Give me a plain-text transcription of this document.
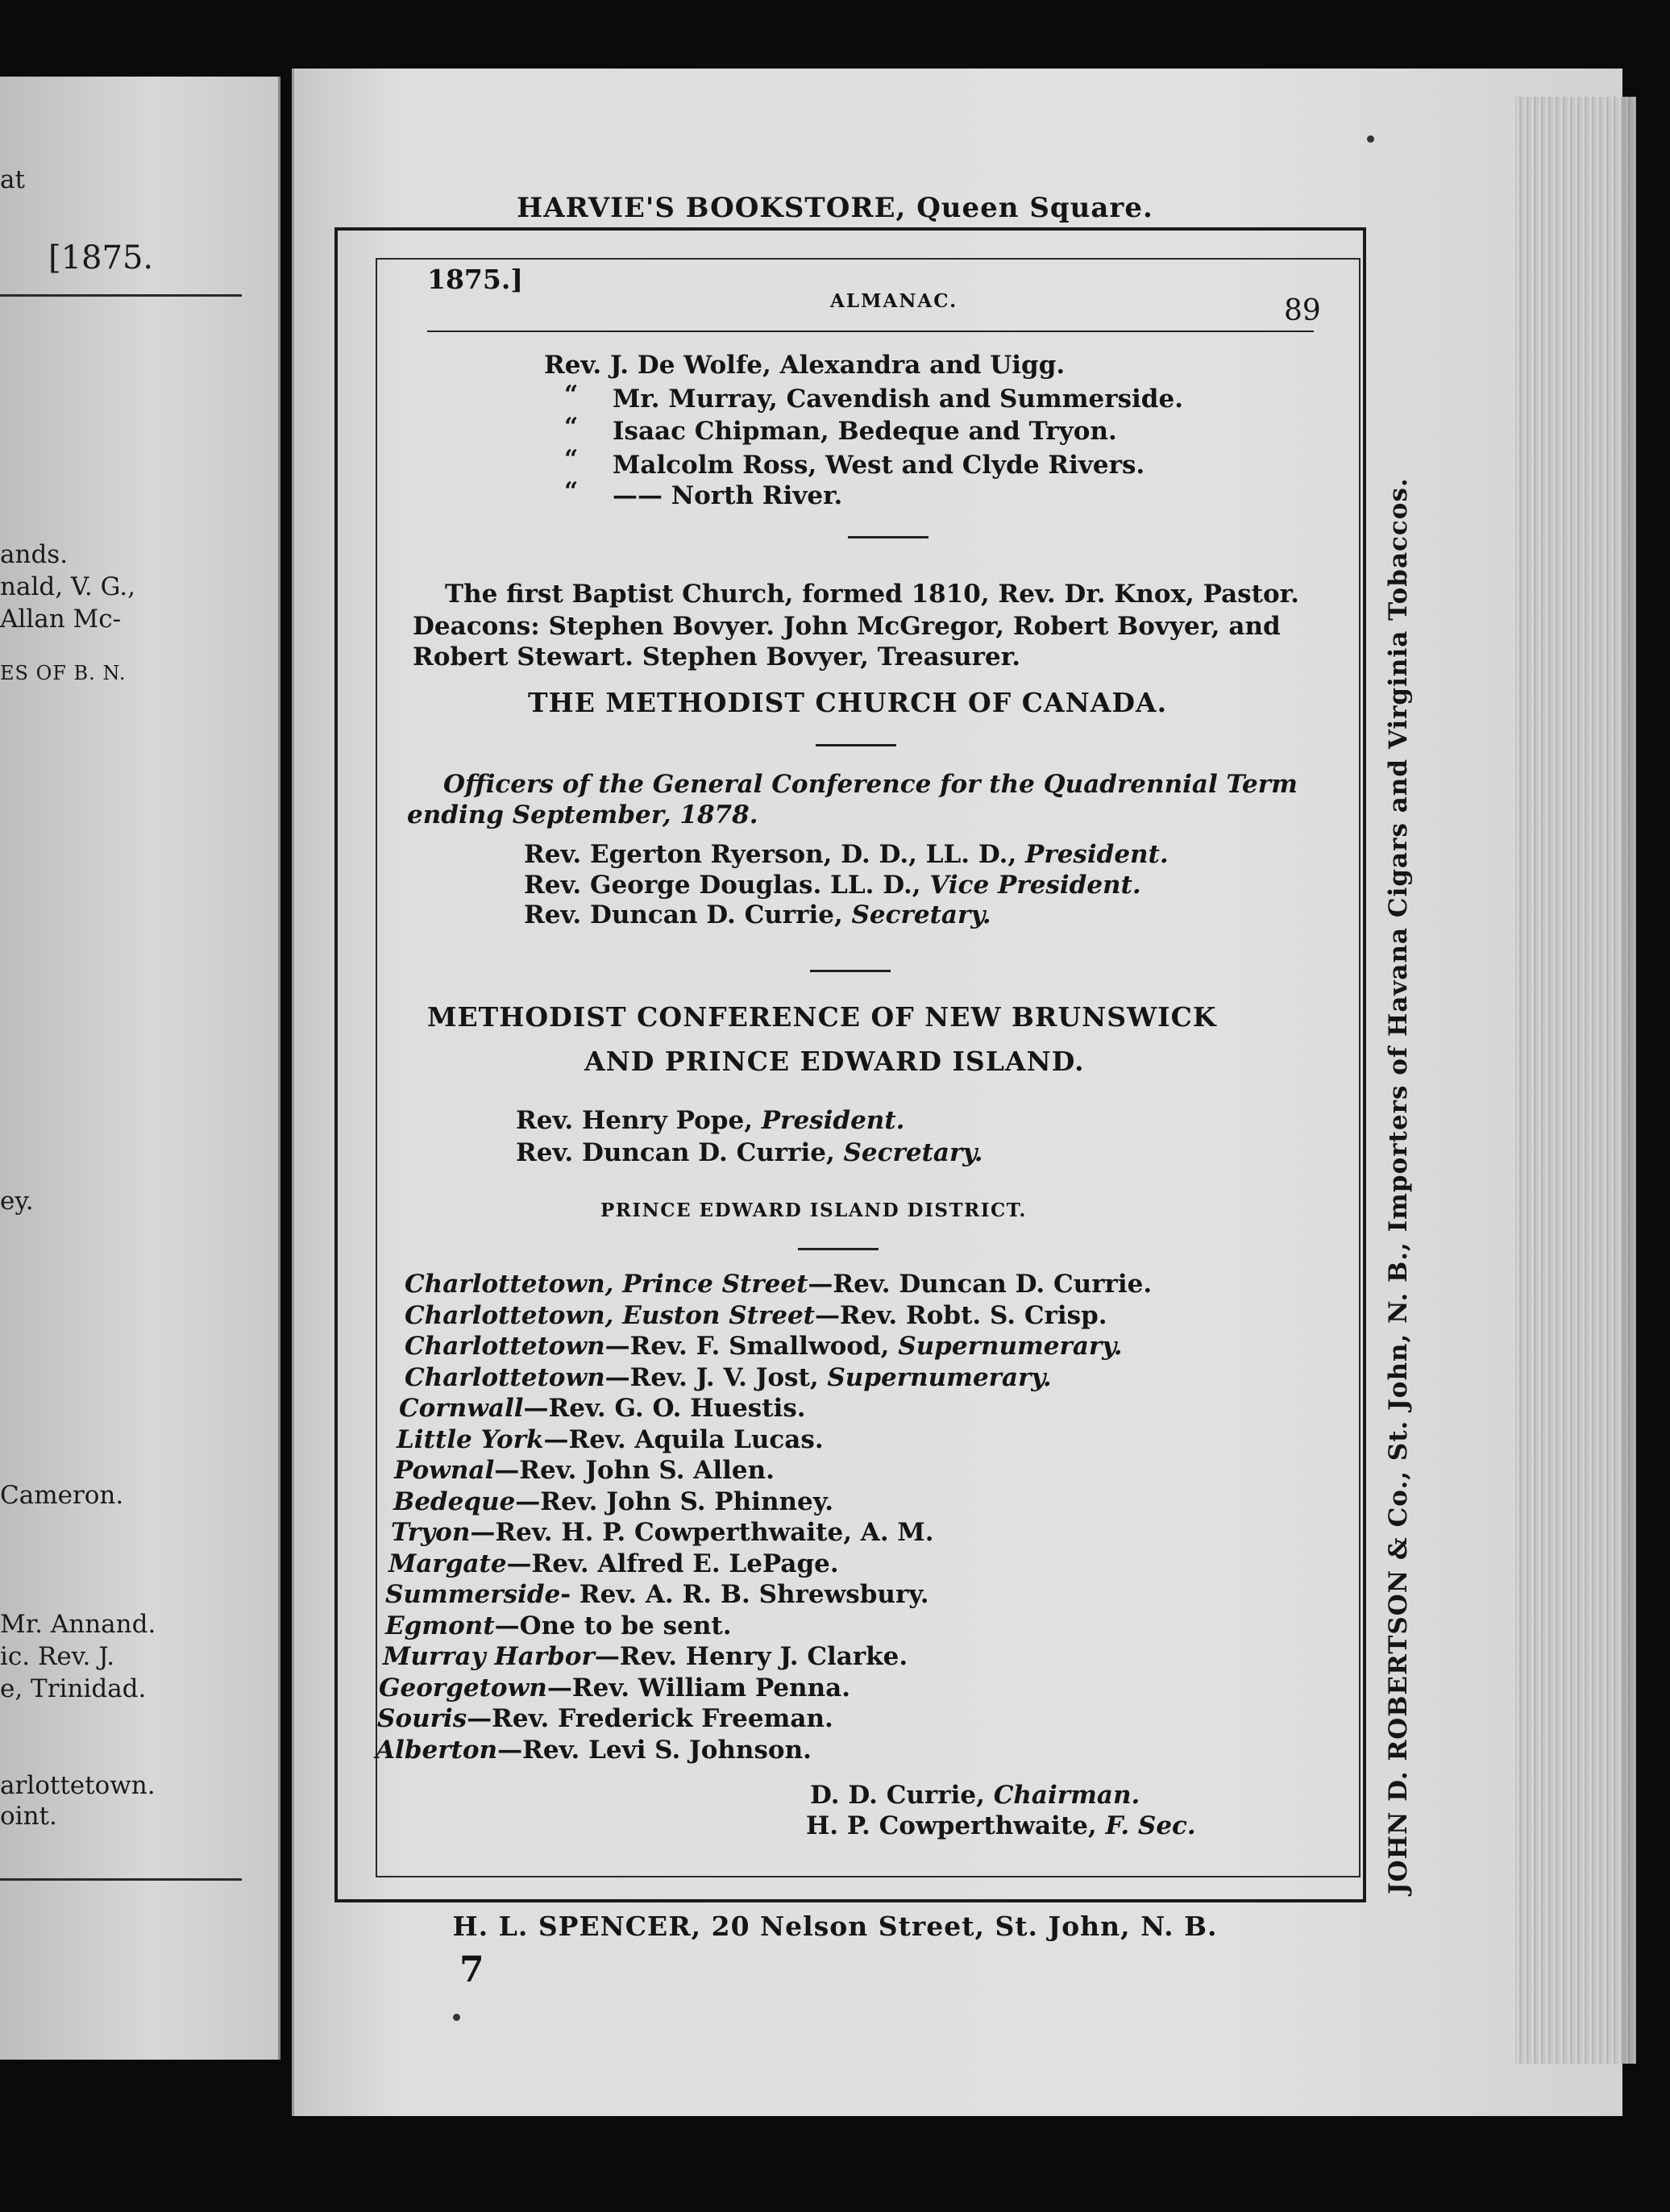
at
[1875.
ands.
nald, V. G.,
Allan Mc-
ES OF B. N.
ey.
Cameron.
Mr. Annand.
ic. Rev. J.
e, Trinidad.
arlottetown.
oint.
HARVIE'S BOOKSTORE, Queen Square.
1875.]
ALMANAC.	89
Rev. J. De Wolfe, Alexandra and Uigg.
“ Mr. Murray, Cavendish and Summerside.
“ Isaac Chipman, Bedeque and Tryon.
“ Malcolm Ross, West and Clyde Rivers.
“ —— North River.
The first Baptist Church, formed 1810, Rev. Dr. Knox, Pastor.
Deacons: Stephen Bovyer. John McGregor, Robert Bovyer, and
Robert Stewart. Stephen Bovyer, Treasurer.
THE METHODIST CHURCH OF CANADA.
Officers of the General Conference for the Quadrennial Term
ending September, 1878.
Rev. Egerton Ryerson, D. D., LL. D., President.
Rev. George Douglas. LL. D., Vice President.
Rev. Duncan D. Currie, Secretary.
METHODIST CONFERENCE OF NEW BRUNSWICK
AND PRINCE EDWARD ISLAND.
Rev. Henry Pope, President.
Rev. Duncan D. Currie, Secretary.
PRINCE EDWARD ISLAND DISTRICT.
Charlottetown, Prince Street—Rev. Duncan D. Currie.
Charlottetown, Euston Street—Rev. Robt. S. Crisp.
Charlottetown—Rev. F. Smallwood, Supernumerary.
Charlottetown—Rev. J. V. Jost, Supernumerary.
Cornwall—Rev. G. O. Huestis.
Little York—Rev. Aquila Lucas.
Pownal—Rev. John S. Allen.
Bedeque—Rev. John S. Phinney.
Tryon—Rev. H. P. Cowperthwaite, A. M.
Margate—Rev. Alfred E. LePage.
Summerside- Rev. A. R. B. Shrewsbury.
Egmont—One to be sent.
Murray Harbor—Rev. Henry J. Clarke.
Georgetown—Rev. William Penna.
Souris—Rev. Frederick Freeman.
Alberton—Rev. Levi S. Johnson.
D. D. Currie, Chairman.
H. P. Cowperthwaite, F. Sec.
H. L. SPENCER, 20 Nelson Street, St. John, N. B.
7
JOHN D. ROBERTSON & Co., St. John, N. B., Importers of Havana Cigars and Virginia Tobaccos.
